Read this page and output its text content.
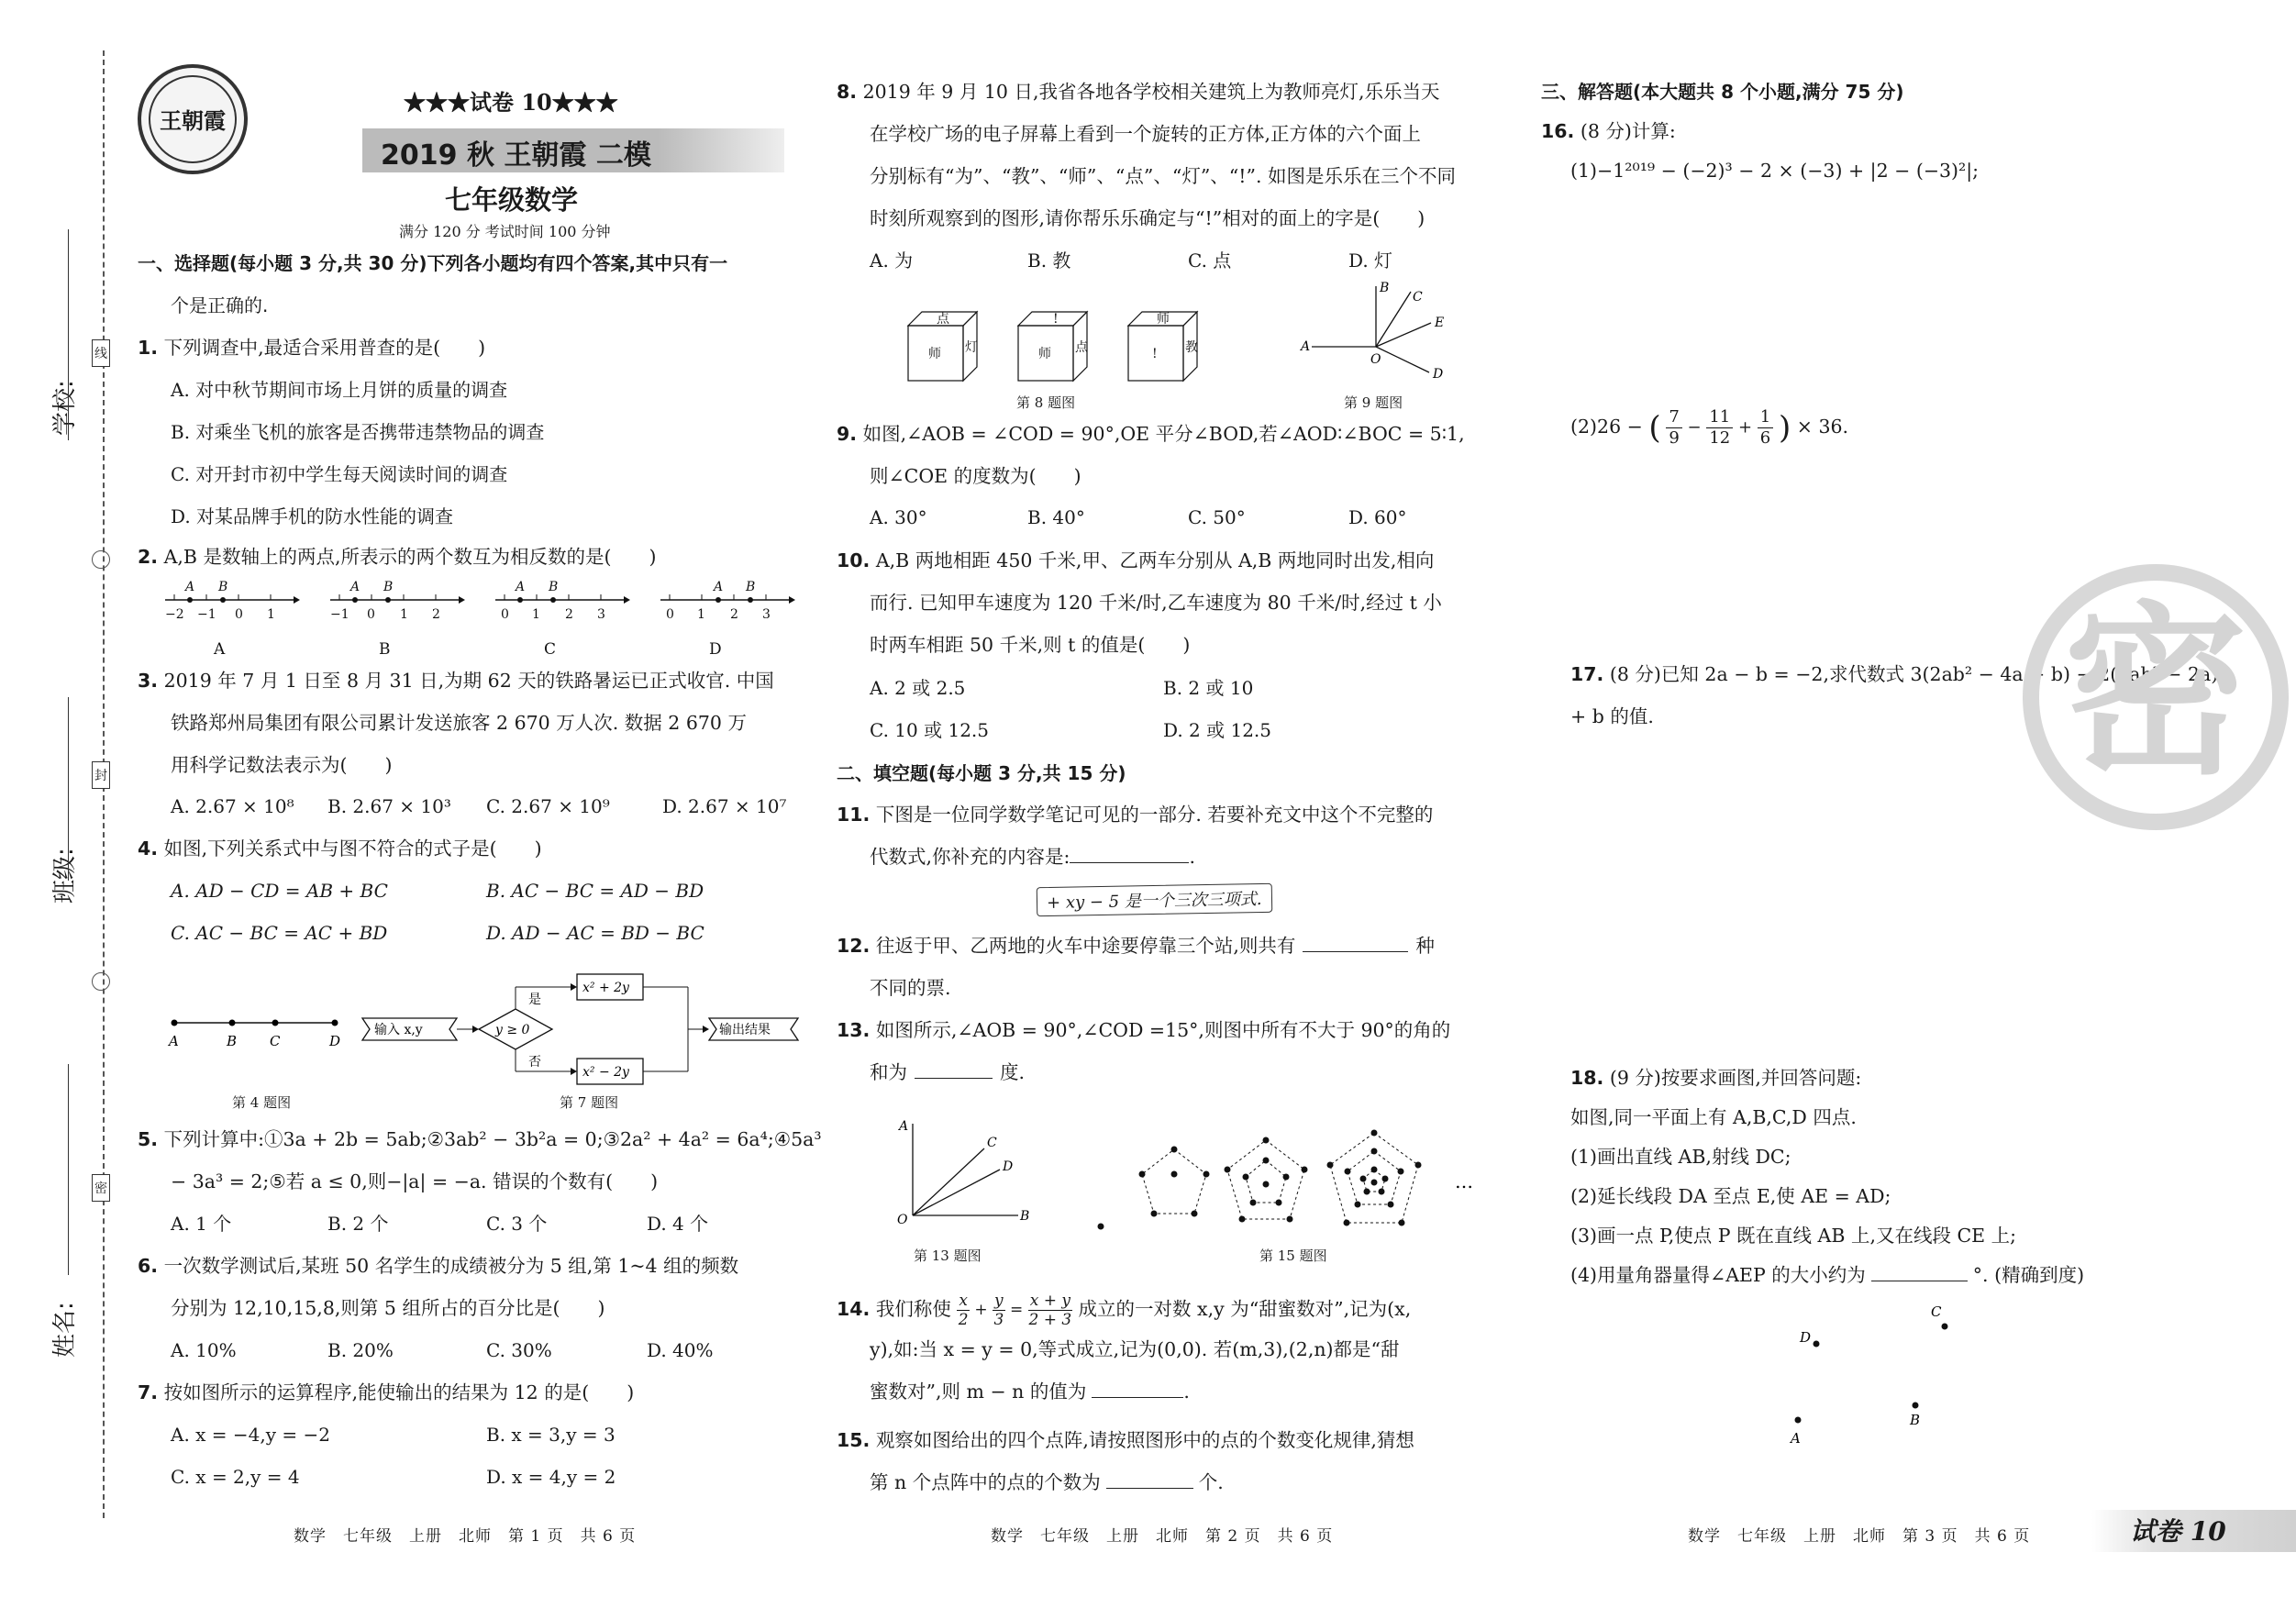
学校:
班级:
姓名:
线
封
密
王朝霞
★★★试卷 10★★★
2019 秋 王朝霞 二模
七年级数学
满分 120 分 考试时间 100 分钟
一、选择题(每小题 3 分,共 30 分)下列各小题均有四个答案,其中只有一
个是正确的.
1. 下列调查中,最适合采用普查的是(　　)
A. 对中秋节期间市场上月饼的质量的调查
B. 对乘坐飞机的旅客是否携带违禁物品的调查
C. 对开封市初中学生每天阅读时间的调查
D. 对某品牌手机的防水性能的调查
2. A,B 是数轴上的两点,所表示的两个数互为相反数的是(　　)
A B
−2 −1 0 1
A
A B
−1 0 1 2
B
A B
0 1 2 3
C
A B
0 1 2 3
D
3. 2019 年 7 月 1 日至 8 月 31 日,为期 62 天的铁路暑运已正式收官. 中国
铁路郑州局集团有限公司累计发送旅客 2 670 万人次. 数据 2 670 万
用科学记数法表示为(　　)
A. 2.67 × 10⁸ B. 2.67 × 10³ C. 2.67 × 10⁹	D. 2.67 × 10⁷
4. 如图,下列关系式中与图不符合的式子是(　　)
A. AD − CD = AB + BC	B. AC − BC = AD − BD
C. AC − BC = AC + BD	D. AD − AC = BD − BC
A	B C	D
第 4 题图
输入 x,y	y ≥ 0
是
否
x² + 2y
x² − 2y
输出结果
第 7 题图
5. 下列计算中:①3a + 2b = 5ab;②3ab² − 3b²a = 0;③2a² + 4a² = 6a⁴;④5a³
− 3a³ = 2;⑤若 a ≤ 0,则−|a| = −a. 错误的个数有(　　)
A. 1 个	B. 2 个	C. 3 个	D. 4 个
6. 一次数学测试后,某班 50 名学生的成绩被分为 5 组,第 1~4 组的频数
分别为 12,10,15,8,则第 5 组所占的百分比是(　　)
A. 10%	B. 20%	C. 30%	D. 40%
7. 按如图所示的运算程序,能使输出的结果为 12 的是(　　)
A. x = −4,y = −2	B. x = 3,y = 3
C. x = 2,y = 4	D. x = 4,y = 2
数学　七年级　上册　北师　第 1 页　共 6 页
8. 2019 年 9 月 10 日,我省各地各学校相关建筑上为教师亮灯,乐乐当天
在学校广场的电子屏幕上看到一个旋转的正方体,正方体的六个面上
分别标有“为”、“教”、“师”、“点”、“灯”、“!”. 如图是乐乐在三个不同
时刻所观察到的图形,请你帮乐乐确定与“!”相对的面上的字是(　　)
A. 为	B. 教	C. 点	D. 灯
点
师 灯
!
师 点
师
! 教
第 8 题图
A
B
C
E
O
D
第 9 题图
9. 如图,∠AOB = ∠COD = 90°,OE 平分∠BOD,若∠AOD∶∠BOC = 5∶1,
则∠COE 的度数为(　　)
A. 30°	B. 40°	C. 50°	D. 60°
10. A,B 两地相距 450 千米,甲、乙两车分别从 A,B 两地同时出发,相向
而行. 已知甲车速度为 120 千米/时,乙车速度为 80 千米/时,经过 t 小
时两车相距 50 千米,则 t 的值是(　　)
A. 2 或 2.5	B. 2 或 10
C. 10 或 12.5	D. 2 或 12.5
二、填空题(每小题 3 分,共 15 分)
11. 下图是一位同学数学笔记可见的一部分. 若要补充文中这个不完整的
代数式,你补充的内容是:	.
+ xy − 5 是一个三次三项式.
12. 往返于甲、乙两地的火车中途要停靠三个站,则共有	种
不同的票.
13. 如图所示,∠AOB = 90°,∠COD =15°,则图中所有不大于 90°的角的
和为	度.
A
C
D
O	B
第 13 题图
…
第 15 题图
14. 我们称使 $\frac{x}{2} + \frac{y}{3} = \frac{x + y}{2 + 3}$ 成立的一对数 x,y 为“甜蜜数对”,记为(x,
y),如:当 x = y = 0,等式成立,记为(0,0). 若(m,3),(2,n)都是“甜
蜜数对”,则 m − n 的值为	.
15. 观察如图给出的四个点阵,请按照图形中的点的个数变化规律,猜想
第 n 个点阵中的点的个数为	个.
数学　七年级　上册　北师　第 2 页　共 6 页
三、解答题(本大题共 8 个小题,满分 75 分)
16. (8 分)计算:
(1)−1²⁰¹⁹ − (−2)³ − 2 × (−3) + |2 − (−3)²|;
(2)26 − ( $\frac{7}{9} - \frac{11}{12} + \frac{1}{6}$ ) × 36.
17. (8 分)已知 2a − b = −2,求代数式 3(2ab² − 4a + b) − 2(3ab² − 2a)
+ b 的值.
18. (9 分)按要求画图,并回答问题:
如图,同一平面上有 A,B,C,D 四点.
(1)画出直线 AB,射线 DC;
(2)延长线段 DA 至点 E,使 AE = AD;
(3)画一点 P,使点 P 既在直线 AB 上,又在线段 CE 上;
(4)用量角器量得∠AEP 的大小约为	°. (精确到度)
D
C
A
B
密
数学　七年级　上册　北师　第 3 页　共 6 页	试卷 10
